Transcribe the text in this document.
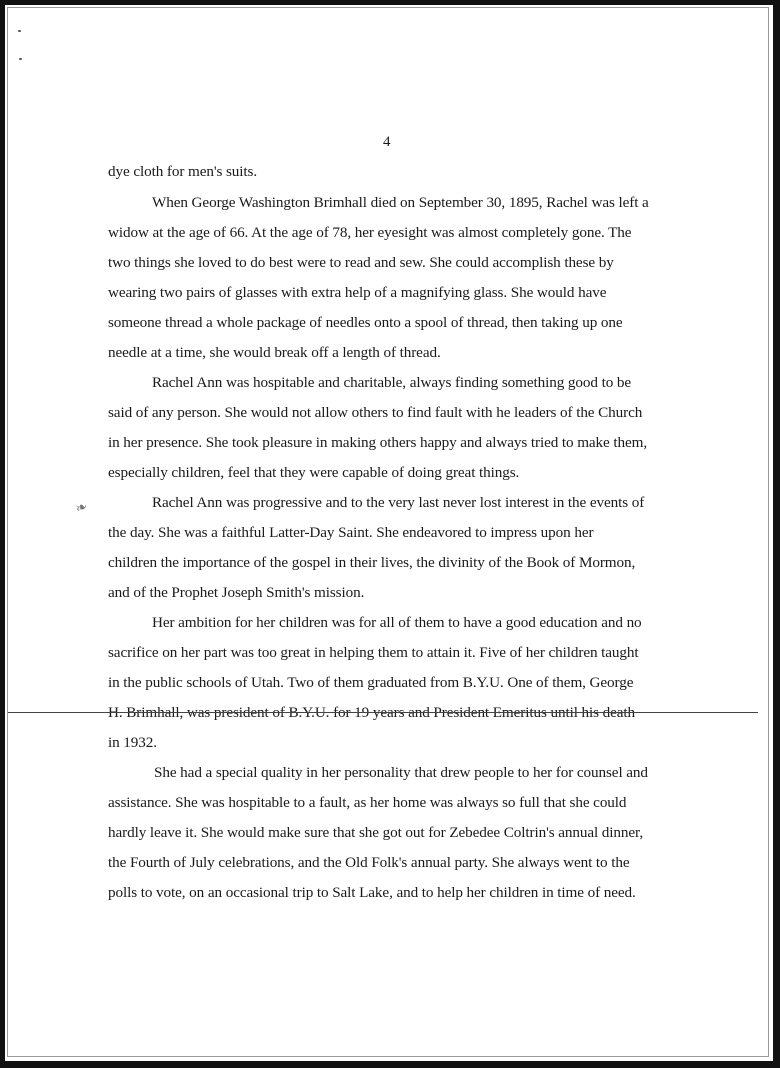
4
dye cloth for men's suits.
When George Washington Brimhall died on September 30, 1895, Rachel was left a
widow at the age of 66. At the age of 78, her eyesight was almost completely gone. The
two things she loved to do best were to read and sew. She could accomplish these by
wearing two pairs of glasses with extra help of a magnifying glass. She would have
someone thread a whole package of needles onto a spool of thread, then taking up one
needle at a time, she would break off a length of thread.
Rachel Ann was hospitable and charitable, always finding something good to be
said of any person. She would not allow others to find fault with he leaders of the Church
in her presence. She took pleasure in making others happy and always tried to make them,
especially children, feel that they were capable of doing great things.
Rachel Ann was progressive and to the very last never lost interest in the events of
the day. She was a faithful Latter-Day Saint. She endeavored to impress upon her
children the importance of the gospel in their lives, the divinity of the Book of Mormon,
and of the Prophet Joseph Smith's mission.
Her ambition for her children was for all of them to have a good education and no
sacrifice on her part was too great in helping them to attain it. Five of her children taught
in the public schools of Utah. Two of them graduated from B.Y.U. One of them, George
H. Brimhall, was president of B.Y.U. for 19 years and President Emeritus until his death
in 1932.
She had a special quality in her personality that drew people to her for counsel and
assistance. She was hospitable to a fault, as her home was always so full that she could
hardly leave it. She would make sure that she got out for Zebedee Coltrin's annual dinner,
the Fourth of July celebrations, and the Old Folk's annual party. She always went to the
polls to vote, on an occasional trip to Salt Lake, and to help her children in time of need.
❧
